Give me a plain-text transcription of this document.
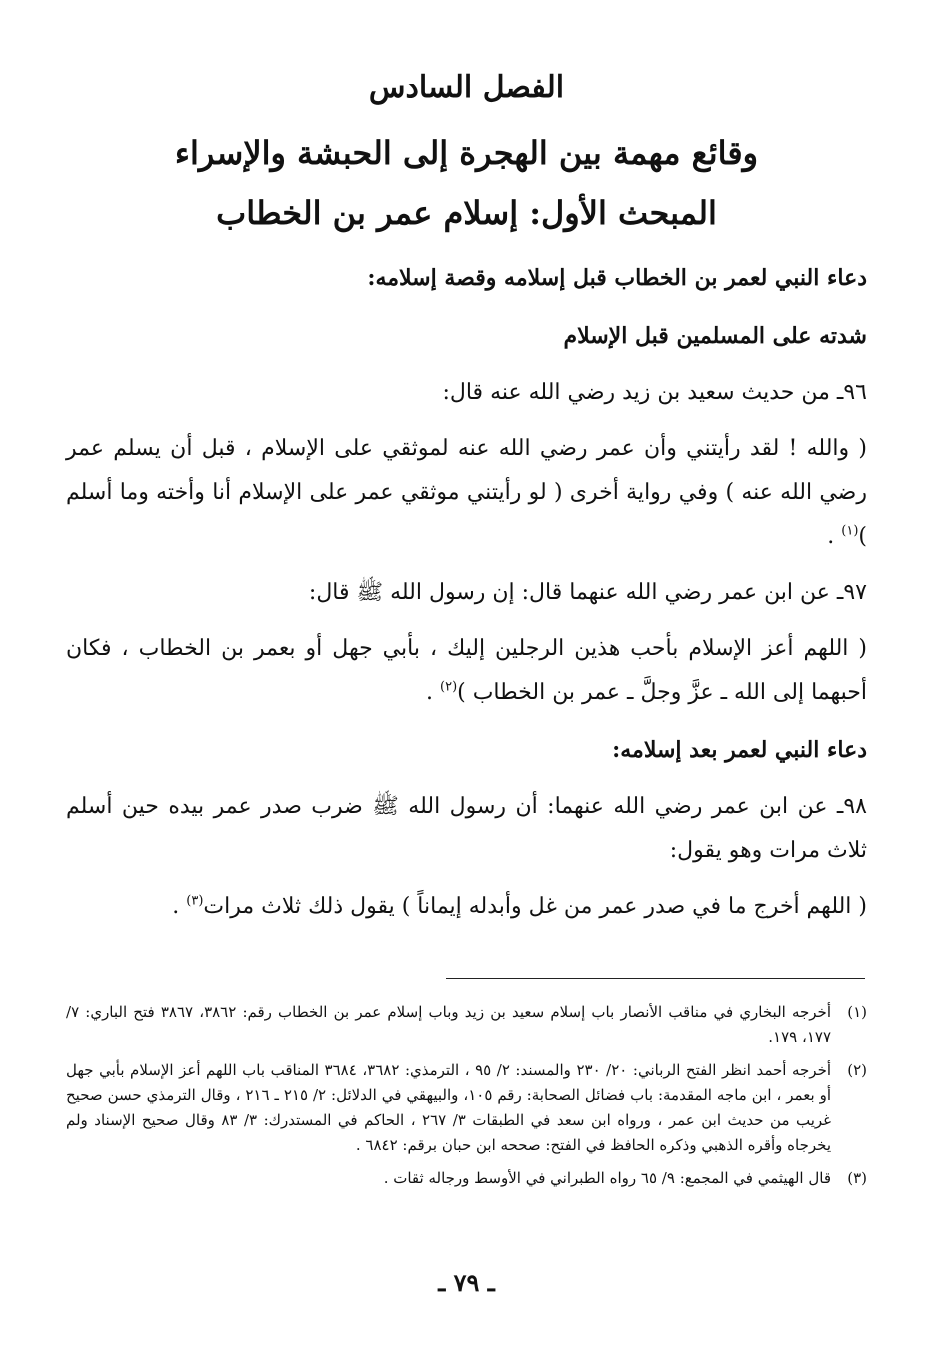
الفصل السادس
وقائع مهمة بين الهجرة إلى الحبشة والإسراء
المبحث الأول: إسلام عمر بن الخطاب

دعاء النبي لعمر بن الخطاب قبل إسلامه وقصة إسلامه:

شدته على المسلمين قبل الإسلام

٩٦ـ من حديث سعيد بن زيد رضي الله عنه قال:

( والله ! لقد رأيتني وأن عمر رضي الله عنه لموثقي على الإسلام ، قبل أن يسلم عمر رضي الله عنه ) وفي رواية أخرى ( لو رأيتني موثقي عمر على الإسلام أنا وأخته وما أسلم )$^{(١)}$ .

٩٧ـ عن ابن عمر رضي الله عنهما قال: إن رسول الله ﷺ قال:

( اللهم أعز الإسلام بأحب هذين الرجلين إليك ، بأبي جهل أو بعمر بن الخطاب ، فكان أحبهما إلى الله ـ عزَّ وجلَّ ـ عمر بن الخطاب )$^{(٢)}$ .

دعاء النبي لعمر بعد إسلامه:

٩٨ـ عن ابن عمر رضي الله عنهما: أن رسول الله ﷺ ضرب صدر عمر بيده حين أسلم ثلاث مرات وهو يقول:

( اللهم أخرج ما في صدر عمر من غل وأبدله إيماناً ) يقول ذلك ثلاث مرات$^{(٣)}$ .

(١)
أخرجه البخاري في مناقب الأنصار باب إسلام سعيد بن زيد وباب إسلام عمر بن الخطاب رقم: ٣٨٦٢، ٣٨٦٧ فتح الباري: ٧/ ١٧٧، ١٧٩.
(٢)
أخرجه أحمد انظر الفتح الرباني: ٢٠/ ٢٣٠ والمسند: ٢/ ٩٥ ، الترمذي: ٣٦٨٢، ٣٦٨٤ المناقب باب اللهم أعز الإسلام بأبي جهل أو بعمر ، ابن ماجه المقدمة: باب فضائل الصحابة: رقم ١٠٥، والبيهقي في الدلائل: ٢/ ٢١٥ ـ ٢١٦ ، وقال الترمذي حسن صحيح غريب من حديث ابن عمر ، ورواه ابن سعد في الطبقات ٣/ ٢٦٧ ، الحاكم في المستدرك: ٣/ ٨٣ وقال صحيح الإسناد ولم يخرجاه وأقره الذهبي وذكره الحافظ في الفتح: صححه ابن حبان برقم: ٦٨٤٢ .
(٣)
قال الهيثمي في المجمع: ٩/ ٦٥ رواه الطبراني في الأوسط ورجاله ثقات .
ـ ٧٩ ـ
